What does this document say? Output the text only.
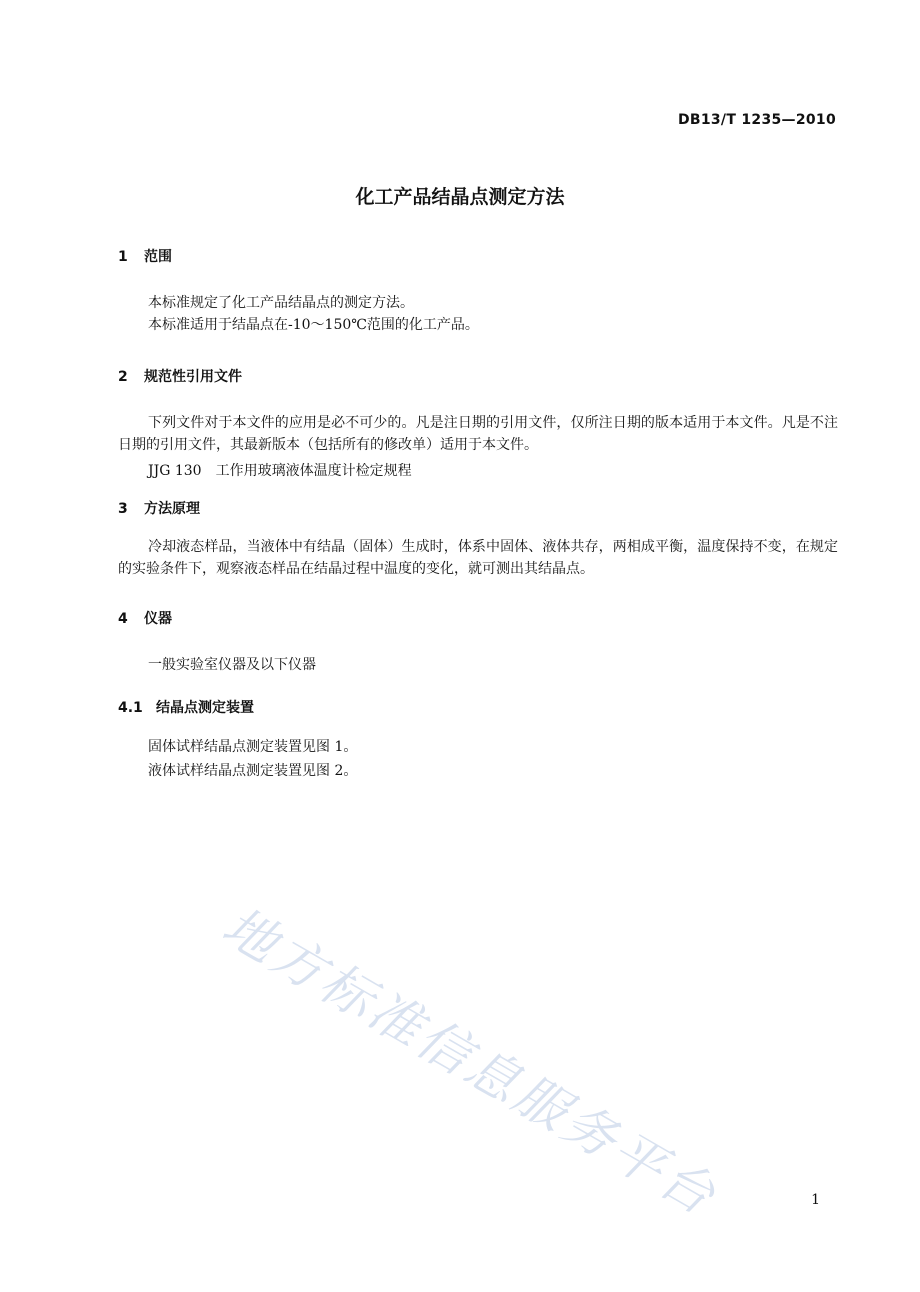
DB13/T 1235—2010
化工产品结晶点测定方法
1 范围
本标准规定了化工产品结晶点的测定方法。
本标准适用于结晶点在-10～150℃范围的化工产品。
2 规范性引用文件
下列文件对于本文件的应用是必不可少的。凡是注日期的引用文件，仅所注日期的版本适用于本文件。凡是不注日期的引用文件，其最新版本（包括所有的修改单）适用于本文件。
JJG 130　工作用玻璃液体温度计检定规程
3 方法原理
冷却液态样品，当液体中有结晶（固体）生成时，体系中固体、液体共存，两相成平衡，温度保持不变，在规定的实验条件下，观察液态样品在结晶过程中温度的变化，就可测出其结晶点。
4 仪器
一般实验室仪器及以下仪器
4.1 结晶点测定装置
固体试样结晶点测定装置见图 1。
液体试样结晶点测定装置见图 2。
地方标准信息服务平台	1
